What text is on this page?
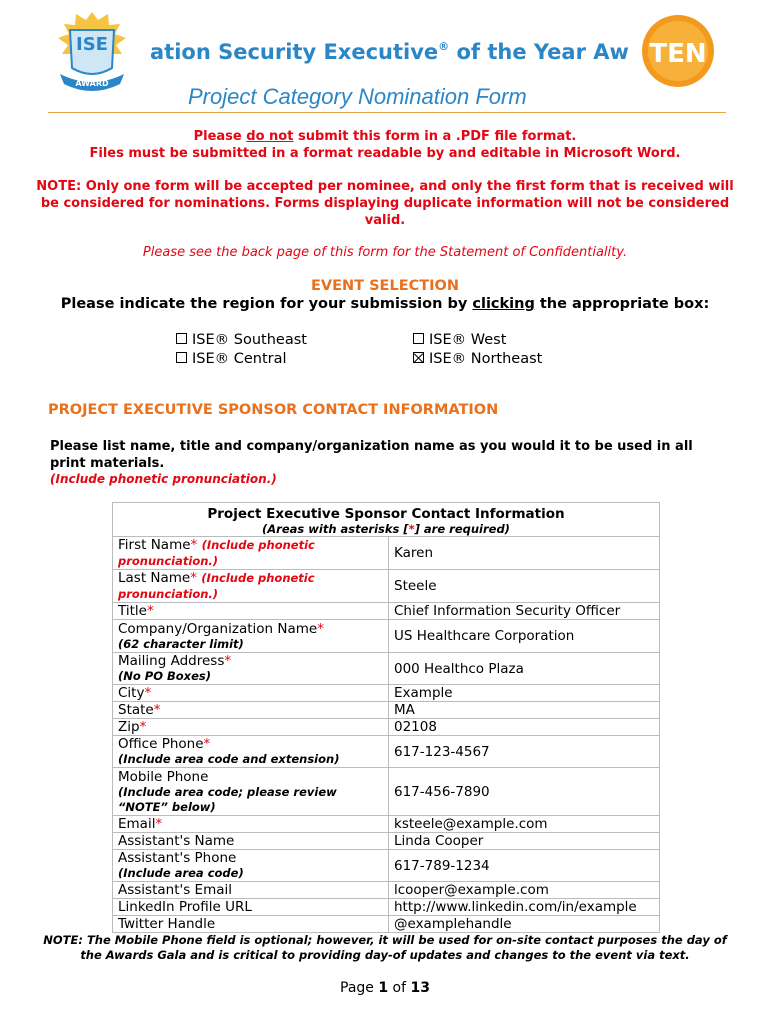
ISE
AWARD
ation Security Executive® of the Year Aw TEN
Project Category Nomination Form
Please do not submit this form in a .PDF file format.
Files must be submitted in a format readable by and editable in Microsoft Word.
NOTE: Only one form will be accepted per nominee, and only the first form that is received will be considered for nominations. Forms displaying duplicate information will not be considered valid.
Please see the back page of this form for the Statement of Confidentiality.
EVENT SELECTION
Please indicate the region for your submission by clicking the appropriate box:
ISE® Southeast
ISE® Central
ISE® West
ISE® Northeast
PROJECT EXECUTIVE SPONSOR CONTACT INFORMATION
Please list name, title and company/organization name as you would it to be used in all print materials.
(Include phonetic pronunciation.)
Project Executive Sponsor Contact Information
(Areas with asterisks [*] are required)	

First Name* (Include phonetic pronunciation.)	Karen
Last Name* (Include phonetic pronunciation.)	Steele
Title*	Chief Information Security Officer
Company/Organization Name*
(62 character limit)	US Healthcare Corporation
Mailing Address*
(No PO Boxes)	000 Healthco Plaza
City*	Example
State*	MA
Zip*	02108
Office Phone*
(Include area code and extension)	617-123-4567
Mobile Phone
(Include area code; please review “NOTE” below)	617-456-7890
Email*	ksteele@example.com
Assistant's Name	Linda Cooper
Assistant's Phone
(Include area code)	617-789-1234
Assistant's Email	lcooper@example.com
LinkedIn Profile URL	http://www.linkedin.com/in/example
Twitter Handle	@examplehandle
NOTE: The Mobile Phone field is optional; however, it will be used for on-site contact purposes the day of the Awards Gala and is critical to providing day-of updates and changes to the event via text.
Page 1 of 13
